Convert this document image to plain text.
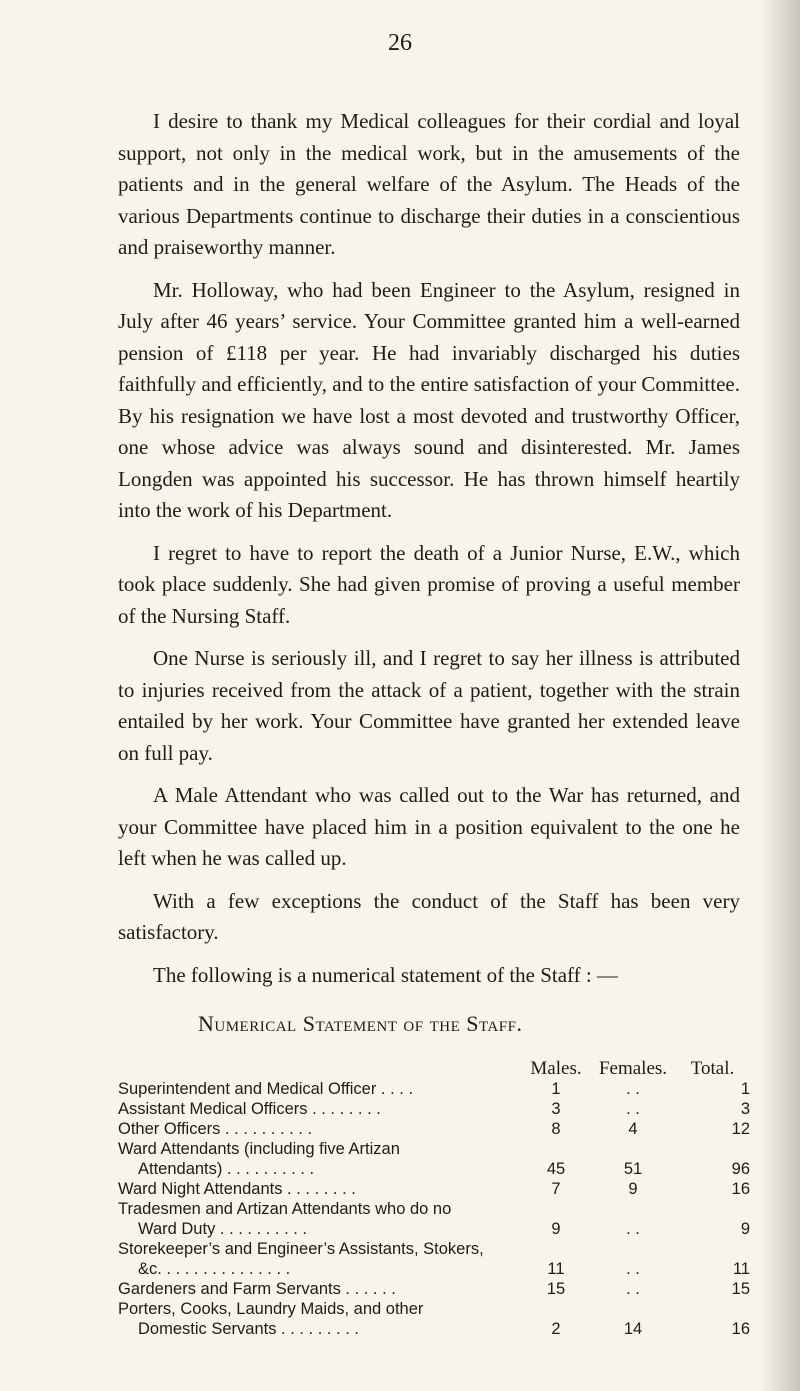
26

I desire to thank my Medical colleagues for their cordial and loyal support, not only in the medical work, but in the amusements of the patients and in the general welfare of the Asylum. The Heads of the various Departments continue to discharge their duties in a conscientious and praiseworthy manner.

Mr. Holloway, who had been Engineer to the Asylum, resigned in July after 46 years’ service. Your Committee granted him a well-earned pension of £118 per year. He had invariably discharged his duties faithfully and efficiently, and to the entire satisfaction of your Committee. By his resignation we have lost a most devoted and trustworthy Officer, one whose advice was always sound and disinterested. Mr. James Longden was appointed his successor. He has thrown himself heartily into the work of his Department.

I regret to have to report the death of a Junior Nurse, E.W., which took place suddenly. She had given promise of proving a useful member of the Nursing Staff.

One Nurse is seriously ill, and I regret to say her illness is attributed to injuries received from the attack of a patient, together with the strain entailed by her work. Your Committee have granted her extended leave on full pay.

A Male Attendant who was called out to the War has returned, and your Committee have placed him in a position equivalent to the one he left when he was called up.

With a few exceptions the conduct of the Staff has been very satisfactory.

The following is a numerical statement of the Staff : —

Numerical Statement of the Staff.
	Males.	Females.	Total.

Superintendent and Medical Officer . . . .	1	. .	1

Assistant Medical Officers . . . . . . . .	3	. .	3

Other Officers . . . . . . . . . .	8	4	12

Ward Attendants (including five Artizan
Attendants) . . . . . . . . . .	45	51	96

Ward Night Attendants . . . . . . . .	7	9	16

Tradesmen and Artizan Attendants who do no
Ward Duty . . . . . . . . . .	9	. .	9

Storekeeper’s and Engineer’s Assistants, Stokers,
&c. . . . . . . . . . . . . . .	11	. .	11

Gardeners and Farm Servants . . . . . .	15	. .	15

Porters, Cooks, Laundry Maids, and other
Domestic Servants . . . . . . . . .	2	14	16
